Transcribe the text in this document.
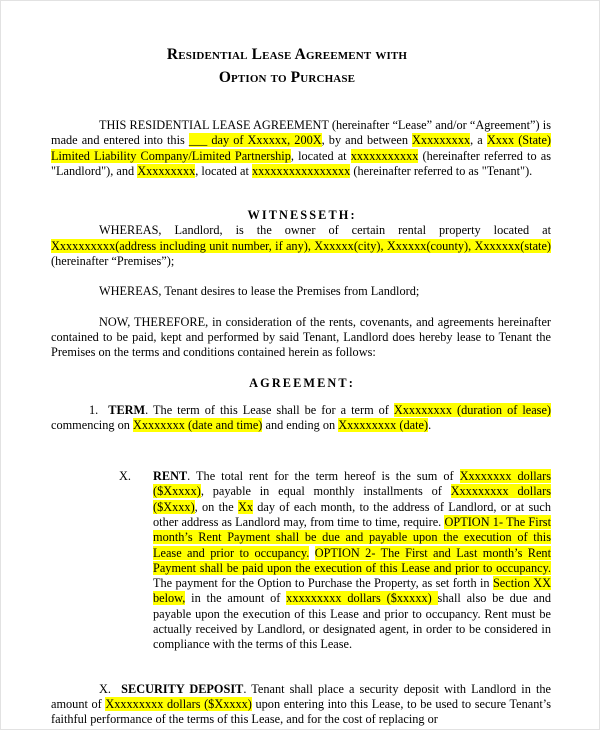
Residential Lease Agreement with
Option to Purchase

THIS RESIDENTIAL LEASE AGREEMENT (hereinafter “Lease” and/or “Agreement”) is made and entered into this ___ day of Xxxxxx, 200X, by and between Xxxxxxxxx, a Xxxx (State) Limited Liability Company/Limited Partnership, located at xxxxxxxxxxx (hereinafter referred to as "Landlord"), and Xxxxxxxxx, located at xxxxxxxxxxxxxxxx (hereinafter referred to as "Tenant").

WITNESSETH:

WHEREAS, Landlord, is the owner of certain rental property located at Xxxxxxxxxx(address including unit number, if any), Xxxxxx(city), Xxxxxx(county), Xxxxxxx(state) (hereinafter “Premises”);

WHEREAS, Tenant desires to lease the Premises from Landlord;

NOW, THEREFORE, in consideration of the rents, covenants, and agreements hereinafter contained to be paid, kept and performed by said Tenant, Landlord does hereby lease to Tenant the Premises on the terms and conditions contained herein as follows:

AGREEMENT:

1. TERM. The term of this Lease shall be for a term of Xxxxxxxxx (duration of lease) commencing on Xxxxxxxx (date and time) and ending on Xxxxxxxxx (date).

X. RENT. The total rent for the term hereof is the sum of Xxxxxxxx dollars ($Xxxxx), payable in equal monthly installments of Xxxxxxxxx dollars ($Xxxx), on the Xx day of each month, to the address of Landlord, or at such other address as Landlord may, from time to time, require. OPTION 1- The First month’s Rent Payment shall be due and payable upon the execution of this Lease and prior to occupancy. OPTION 2- The First and Last month’s Rent Payment shall be paid upon the execution of this Lease and prior to occupancy. The payment for the Option to Purchase the Property, as set forth in Section XX below, in the amount of xxxxxxxxx dollars ($xxxxx) shall also be due and payable upon the execution of this Lease and prior to occupancy. Rent must be actually received by Landlord, or designated agent, in order to be considered in compliance with the terms of this Lease.

X. SECURITY DEPOSIT. Tenant shall place a security deposit with Landlord in the amount of Xxxxxxxxx dollars ($Xxxxx) upon entering into this Lease, to be used to secure Tenant’s faithful performance of the terms of this Lease, and for the cost of replacing or
